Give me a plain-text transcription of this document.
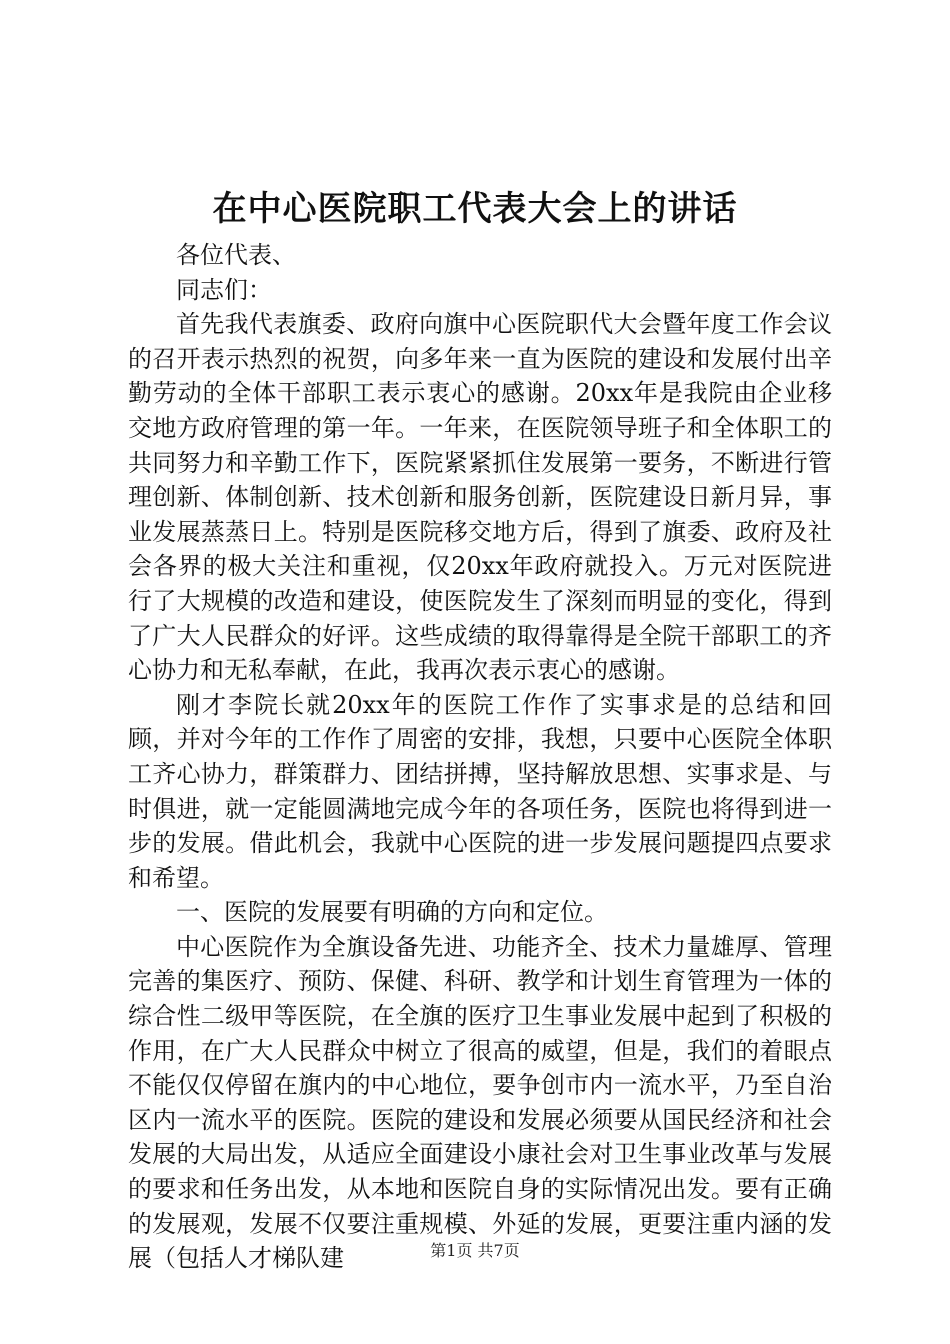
在中心医院职工代表大会上的讲话

各位代表、

同志们：

首先我代表旗委、政府向旗中心医院职代大会暨年度工作会议的召开表示热烈的祝贺，向多年来一直为医院的建设和发展付出辛勤劳动的全体干部职工表示衷心的感谢。20xx年是我院由企业移交地方政府管理的第一年。一年来，在医院领导班子和全体职工的共同努力和辛勤工作下，医院紧紧抓住发展第一要务，不断进行管理创新、体制创新、技术创新和服务创新，医院建设日新月异，事业发展蒸蒸日上。特别是医院移交地方后，得到了旗委、政府及社会各界的极大关注和重视，仅20xx年政府就投入。万元对医院进行了大规模的改造和建设，使医院发生了深刻而明显的变化，得到了广大人民群众的好评。这些成绩的取得靠得是全院干部职工的齐心协力和无私奉献，在此，我再次表示衷心的感谢。

刚才李院长就20xx年的医院工作作了实事求是的总结和回顾，并对今年的工作作了周密的安排，我想，只要中心医院全体职工齐心协力，群策群力、团结拼搏，坚持解放思想、实事求是、与时俱进，就一定能圆满地完成今年的各项任务，医院也将得到进一步的发展。借此机会，我就中心医院的进一步发展问题提四点要求和希望。

一、医院的发展要有明确的方向和定位。

中心医院作为全旗设备先进、功能齐全、技术力量雄厚、管理完善的集医疗、预防、保健、科研、教学和计划生育管理为一体的综合性二级甲等医院，在全旗的医疗卫生事业发展中起到了积极的作用，在广大人民群众中树立了很高的威望，但是，我们的着眼点不能仅仅停留在旗内的中心地位，要争创市内一流水平，乃至自治区内一流水平的医院。医院的建设和发展必须要从国民经济和社会发展的大局出发，从适应全面建设小康社会对卫生事业改革与发展的要求和任务出发，从本地和医院自身的实际情况出发。要有正确的发展观，发展不仅要注重规模、外延的发展，更要注重内涵的发展（包括人才梯队建	第1页 共7页
